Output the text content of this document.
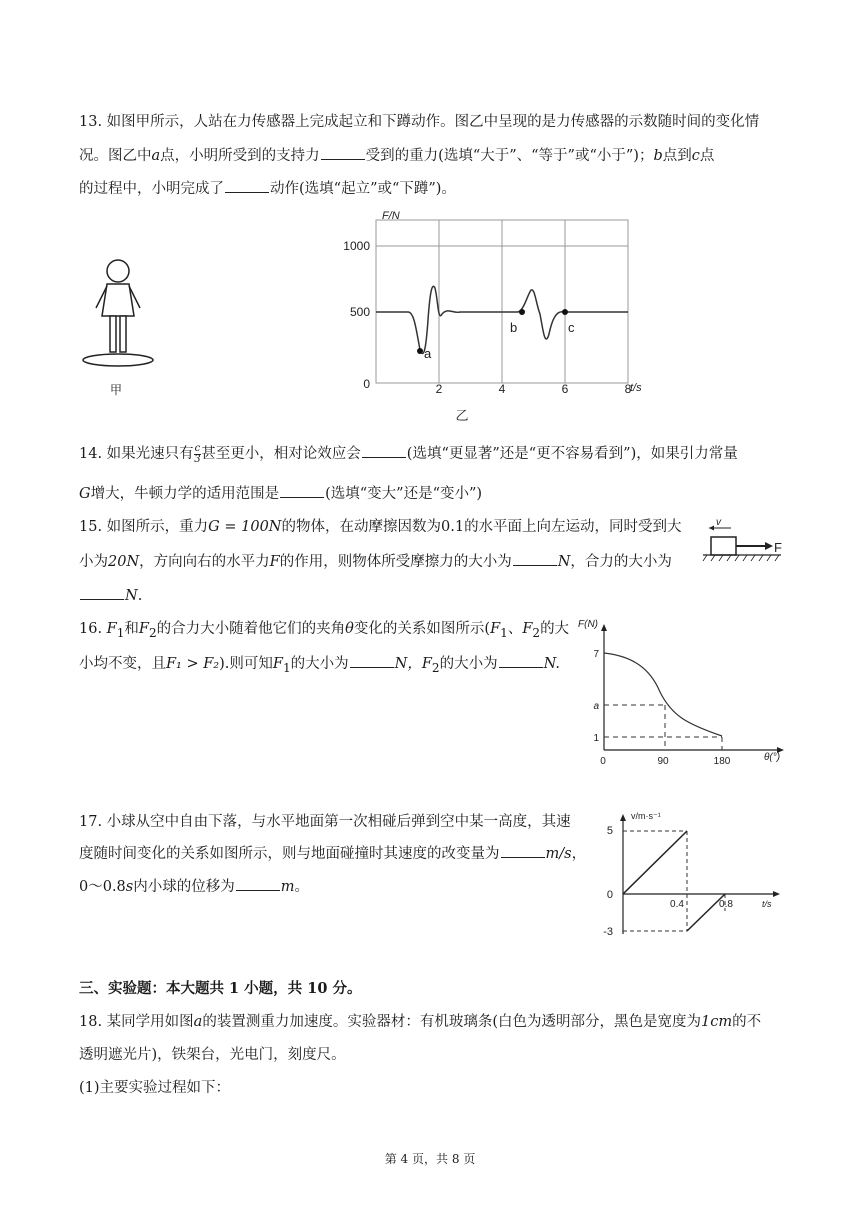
13. 如图甲所示，人站在力传感器上完成起立和下蹲动作。图乙中呈现的是力传感器的示数随时间的变化情
况。图乙中a点，小明所受到的支持力	受到的重力(选填“大于”、“等于”或“小于”)；b点到c点
的过程中，小明完成了	动作(选填“起立”或“下蹲”)。
甲
a
b	c
F/N
t/s
1000
500
0	2	4	6	8
乙
14. 如果光速只有 $\frac{c}{3}$ 甚至更小，相对论效应会	(选填“更显著”还是“更不容易看到”)，如果引力常量
G增大，牛顿力学的适用范围是	(选填“变大”还是“变小”)
15. 如图所示，重力G = 100N的物体，在动摩擦因数为0.1的水平面上向左运动，同时受到大
小为20N，方向向右的水平力F的作用，则物体所受摩擦力的大小为	N，合力的大小为
N.
v
F
16. $F_1$和$F_2$的合力大小随着他它们的夹角θ变化的关系如图所示($F_1$、$F_2$的大
小均不变，且F₁ > F₂).则可知$F_1$的大小为	N，$F_2$的大小为	N.
F(N)
θ(°)
7
a
1
0	90	180
17. 小球从空中自由下落，与水平地面第一次相碰后弹到空中某一高度，其速
度随时间变化的关系如图所示，则与地面碰撞时其速度的改变量为	m/s，
0～0.8s内小球的位移为	m。
v/m·s⁻¹
t/s
5
0
-3
0.4	0.8
三、实验题：本大题共 1 小题，共 10 分。
18. 某同学用如图a的装置测重力加速度。实验器材：有机玻璃条(白色为透明部分，黑色是宽度为1cm的不
透明遮光片)，铁架台，光电门，刻度尺。
(1)主要实验过程如下：
第 4 页，共 8 页
